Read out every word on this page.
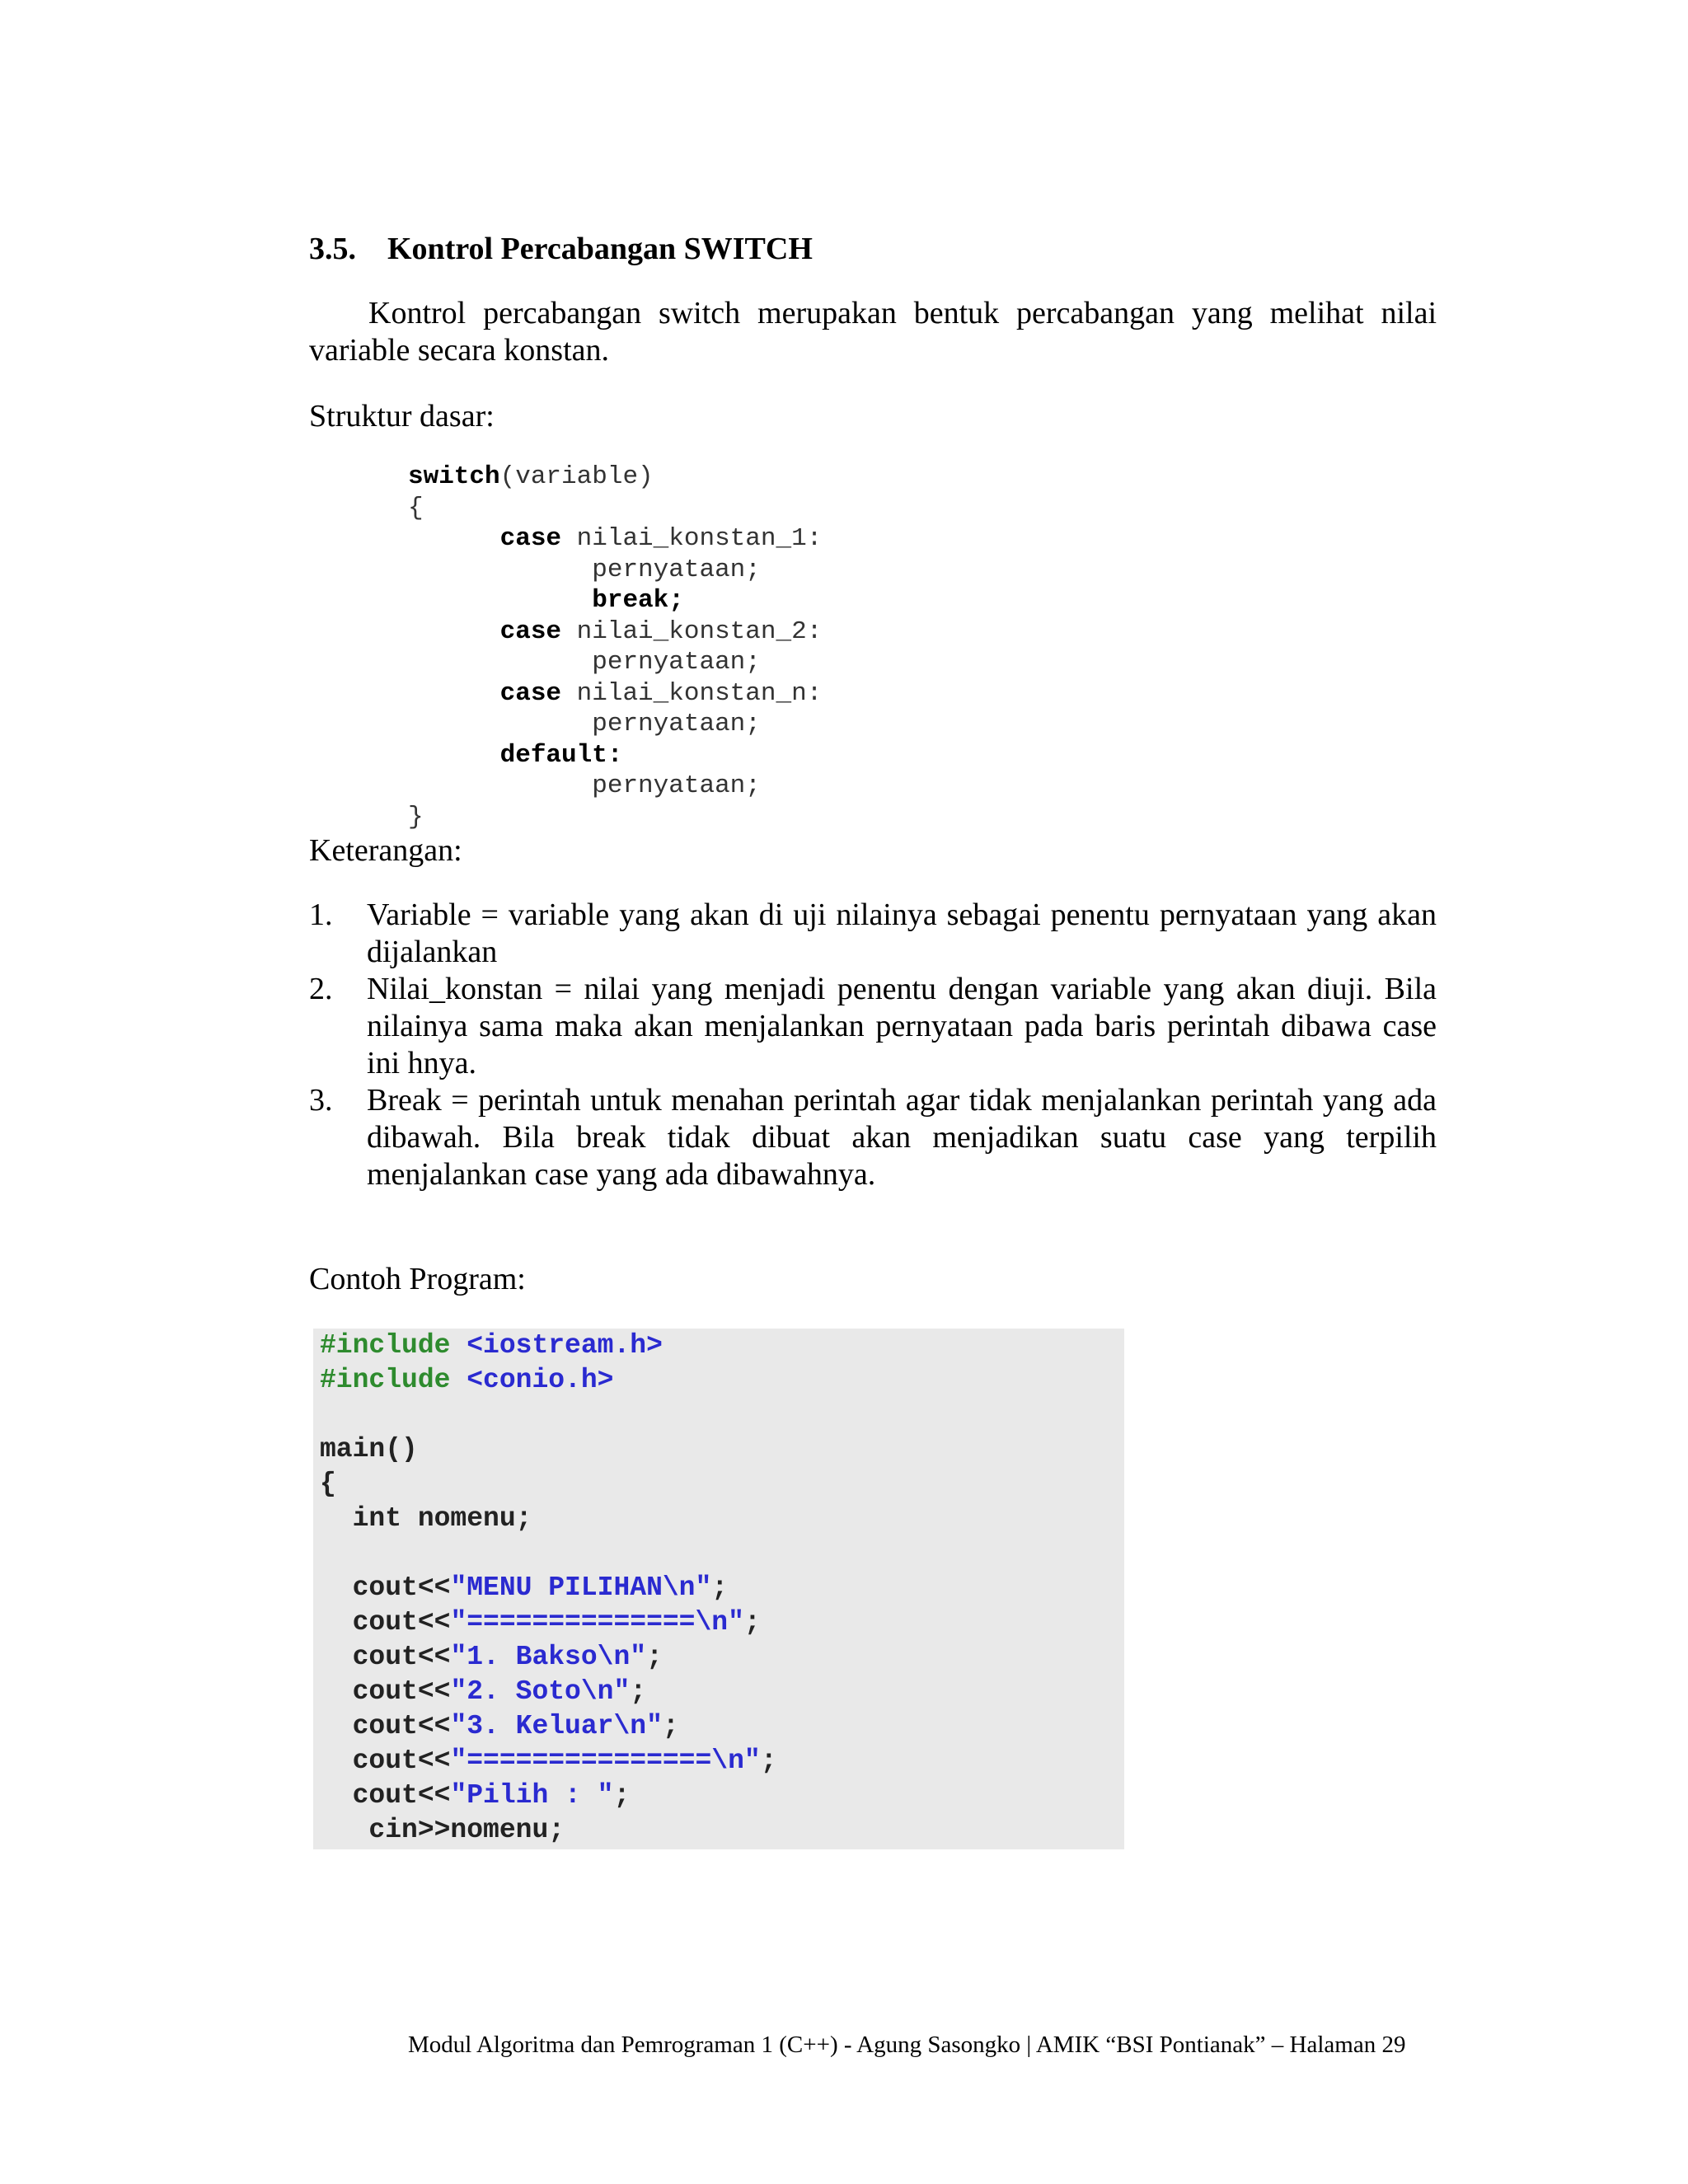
3.5. Kontrol Percabangan SWITCH
Kontrol percabangan switch merupakan bentuk percabangan yang melihat nilai variable secara konstan.
Struktur dasar:
switch(variable)
{
case nilai_konstan_1:
pernyataan;
break;
case nilai_konstan_2:
pernyataan;
case nilai_konstan_n:
pernyataan;
default:
pernyataan;
}
Keterangan:
1. Variable = variable yang akan di uji nilainya sebagai penentu pernyataan yang akan dijalankan
2. Nilai_konstan = nilai yang menjadi penentu dengan variable yang akan diuji. Bila nilainya sama maka akan menjalankan pernyataan pada baris perintah dibawa case ini hnya.
3. Break = perintah untuk menahan perintah agar tidak menjalankan perintah yang ada dibawah. Bila break tidak dibuat akan menjadikan suatu case yang terpilih menjalankan case yang ada dibawahnya.
Contoh Program:
#include <iostream.h>
#include <conio.h>
main()
{
int nomenu;
cout<<"MENU PILIHAN\n";
cout<<"==============\n";
cout<<"1. Bakso\n";
cout<<"2. Soto\n";
cout<<"3. Keluar\n";
cout<<"===============\n";
cout<<"Pilih : ";
cin>>nomenu;
Modul Algoritma dan Pemrograman 1 (C++) - Agung Sasongko | AMIK “BSI Pontianak” – Halaman 29
